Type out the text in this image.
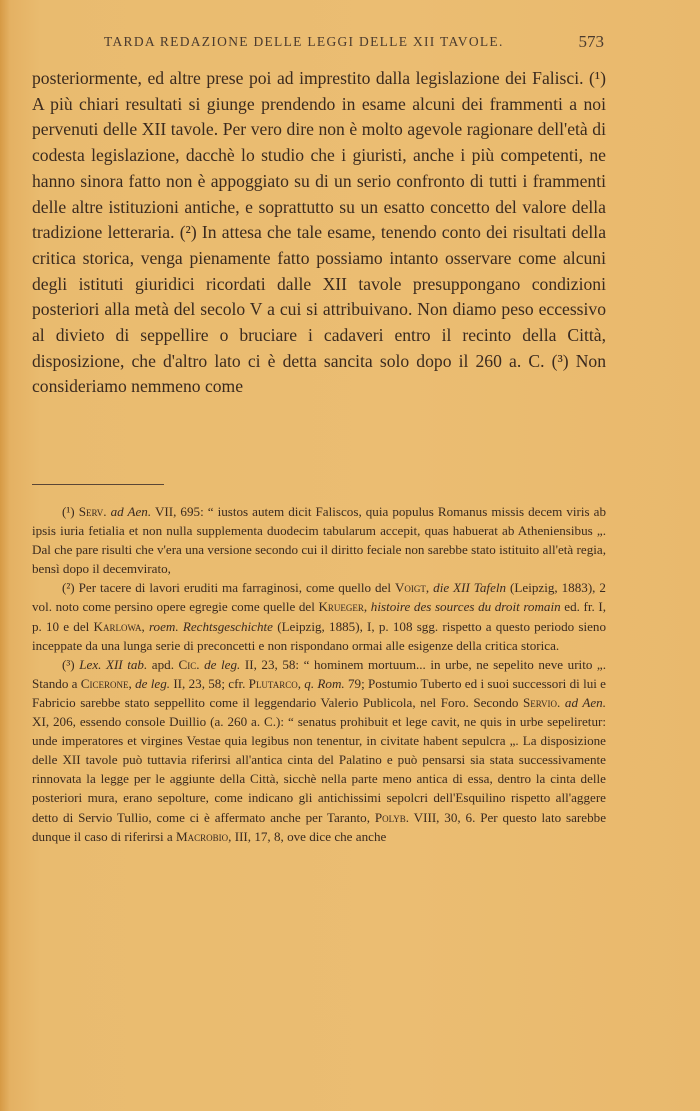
TARDA REDAZIONE DELLE LEGGI DELLE XII TAVOLE.	573

posteriormente, ed altre prese poi ad imprestito dalla legislazione dei Falisci. (¹) A più chiari resultati si giunge prendendo in esame alcuni dei frammenti a noi pervenuti delle XII tavole. Per vero dire non è molto agevole ragionare dell'età di codesta legislazione, dacchè lo studio che i giuristi, anche i più competenti, ne hanno sinora fatto non è appoggiato su di un serio confronto di tutti i frammenti delle altre istituzioni antiche, e soprattutto su un esatto concetto del valore della tradizione letteraria. (²) In attesa che tale esame, tenendo conto dei risultati della critica storica, venga pienamente fatto possiamo intanto osservare come alcuni degli istituti giuridici ricordati dalle XII tavole presuppongano condizioni posteriori alla metà del secolo V a cui si attribuivano. Non diamo peso eccessivo al divieto di seppellire o bruciare i cadaveri entro il recinto della Città, disposizione, che d'altro lato ci è detta sancita solo dopo il 260 a. C. (³) Non consideriamo nemmeno come

(¹) Serv. ad Aen. VII, 695: “ iustos autem dicit Faliscos, quia populus Romanus missis decem viris ab ipsis iuria fetialia et non nulla supplementa duodecim tabularum accepit, quas habuerat ab Atheniensibus „. Dal che pare risulti che v'era una versione secondo cui il diritto feciale non sarebbe stato istituito all'età regia, bensì dopo il decemvirato,

(²) Per tacere di lavori eruditi ma farraginosi, come quello del Voigt, die XII Tafeln (Leipzig, 1883), 2 vol. noto come persino opere egregie come quelle del Krueger, histoire des sources du droit romain ed. fr. I, p. 10 e del Karlowa, roem. Rechtsgeschichte (Leipzig, 1885), I, p. 108 sgg. rispetto a questo periodo sieno inceppate da una lunga serie di preconcetti e non rispondano ormai alle esigenze della critica storica.

(³) Lex. XII tab. apd. Cic. de leg. II, 23, 58: “ hominem mortuum... in urbe, ne sepelito neve urito „. Stando a Cicerone, de leg. II, 23, 58; cfr. Plutarco, q. Rom. 79; Postumio Tuberto ed i suoi successori di lui e Fabricio sarebbe stato seppellito come il leggendario Valerio Publicola, nel Foro. Secondo Servio. ad Aen. XI, 206, essendo console Duillio (a. 260 a. C.): “ senatus prohibuit et lege cavit, ne quis in urbe sepeliretur: unde imperatores et virgines Vestae quia legibus non tenentur, in civitate habent sepulcra „. La disposizione delle XII tavole può tuttavia riferirsi all'antica cinta del Palatino e può pensarsi sia stata successivamente rinnovata la legge per le aggiunte della Città, sicchè nella parte meno antica di essa, dentro la cinta delle posteriori mura, erano sepolture, come indicano gli antichissimi sepolcri dell'Esquilino rispetto all'aggere detto di Servio Tullio, come ci è affermato anche per Taranto, Polyb. VIII, 30, 6. Per questo lato sarebbe dunque il caso di riferirsi a Macrobio, III, 17, 8, ove dice che anche
